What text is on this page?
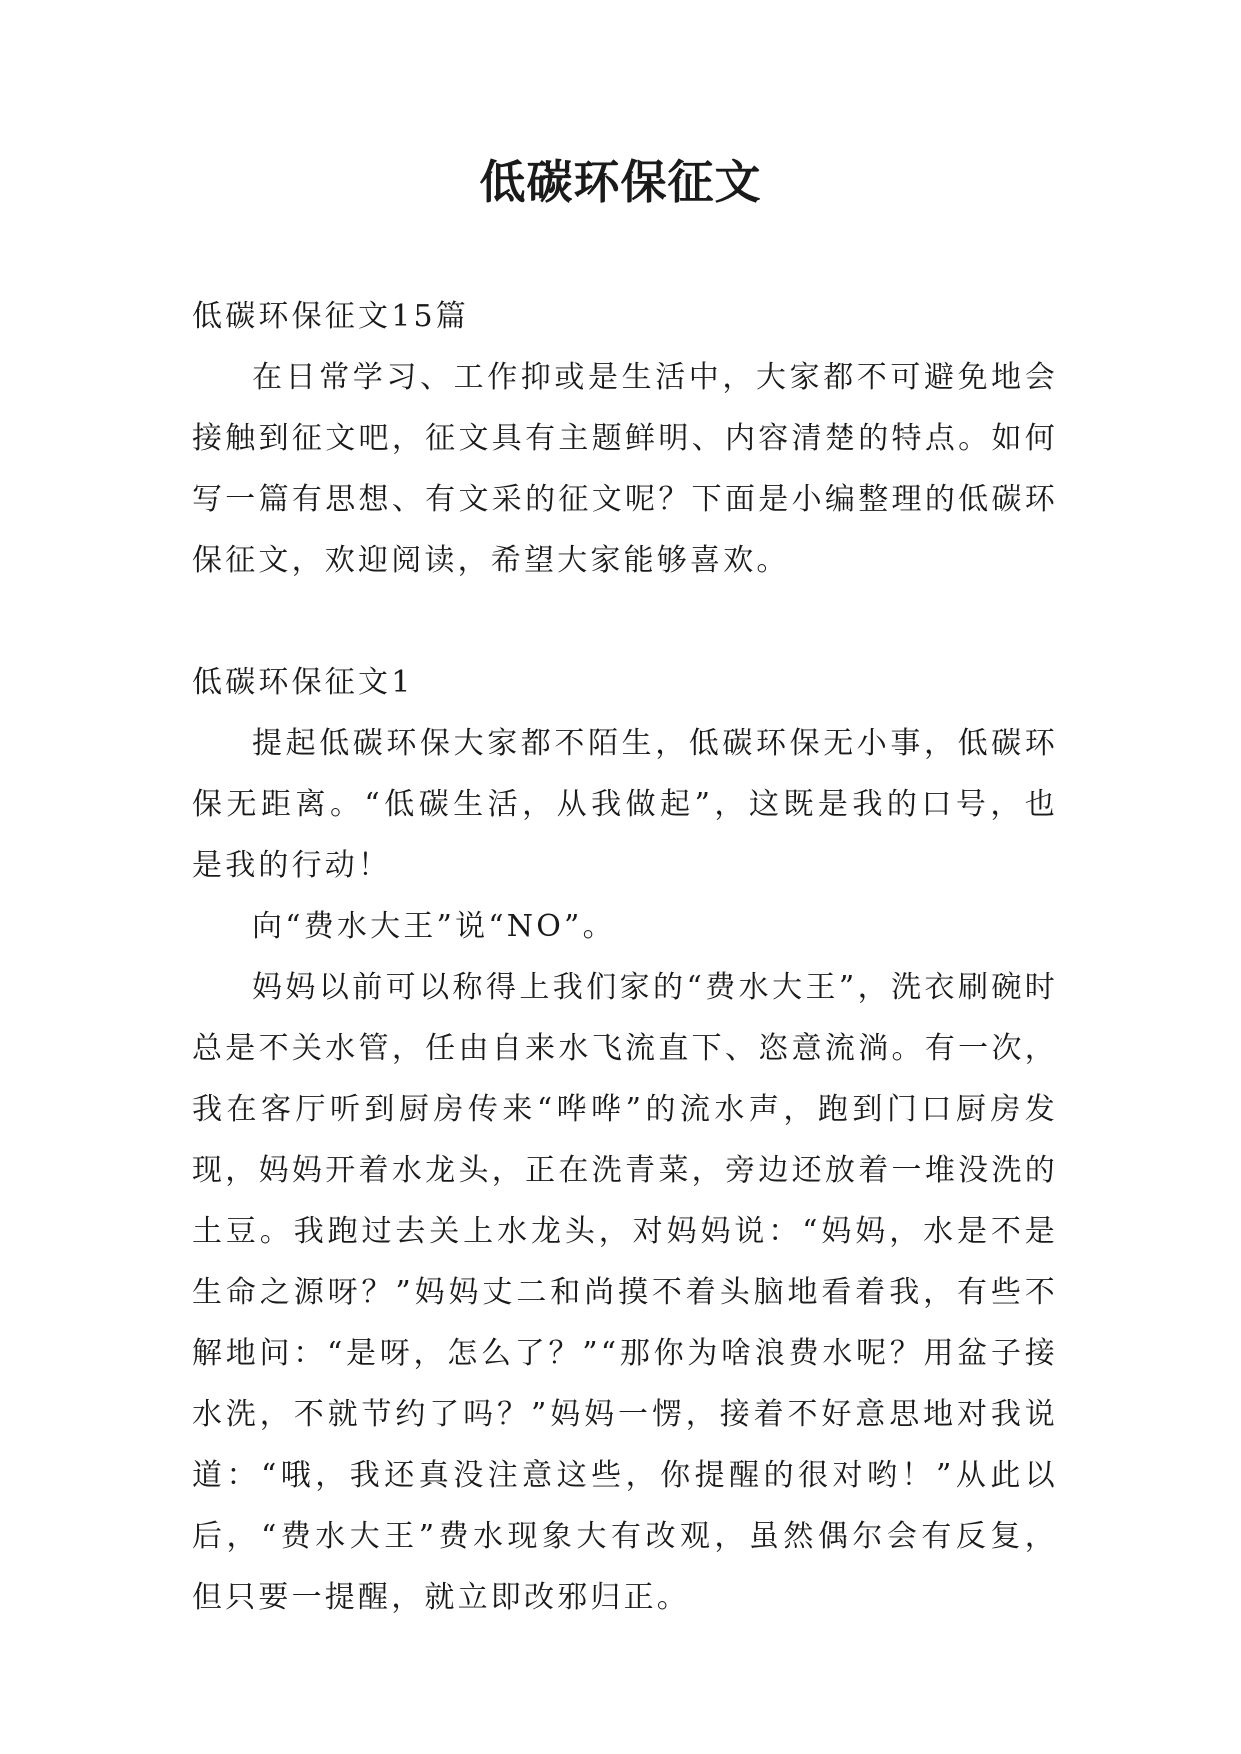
低碳环保征文

低碳环保征文15篇

在日常学习、工作抑或是生活中，大家都不可避免地会接触到征文吧，征文具有主题鲜明、内容清楚的特点。如何写一篇有思想、有文采的征文呢？下面是小编整理的低碳环保征文，欢迎阅读，希望大家能够喜欢。

低碳环保征文1

提起低碳环保大家都不陌生，低碳环保无小事，低碳环保无距离。“低碳生活，从我做起”，这既是我的口号，也是我的行动！

向“费水大王”说“NO”。

妈妈以前可以称得上我们家的“费水大王”，洗衣刷碗时总是不关水管，任由自来水飞流直下、恣意流淌。有一次，我在客厅听到厨房传来“哗哗”的流水声，跑到门口厨房发现，妈妈开着水龙头，正在洗青菜，旁边还放着一堆没洗的土豆。我跑过去关上水龙头，对妈妈说：“妈妈，水是不是生命之源呀？”妈妈丈二和尚摸不着头脑地看着我，有些不解地问：“是呀，怎么了？”“那你为啥浪费水呢？用盆子接水洗，不就节约了吗？”妈妈一愣，接着不好意思地对我说道：“哦，我还真没注意这些，你提醒的很对哟！”从此以后，“费水大王”费水现象大有改观，虽然偶尔会有反复，但只要一提醒，就立即改邪归正。
